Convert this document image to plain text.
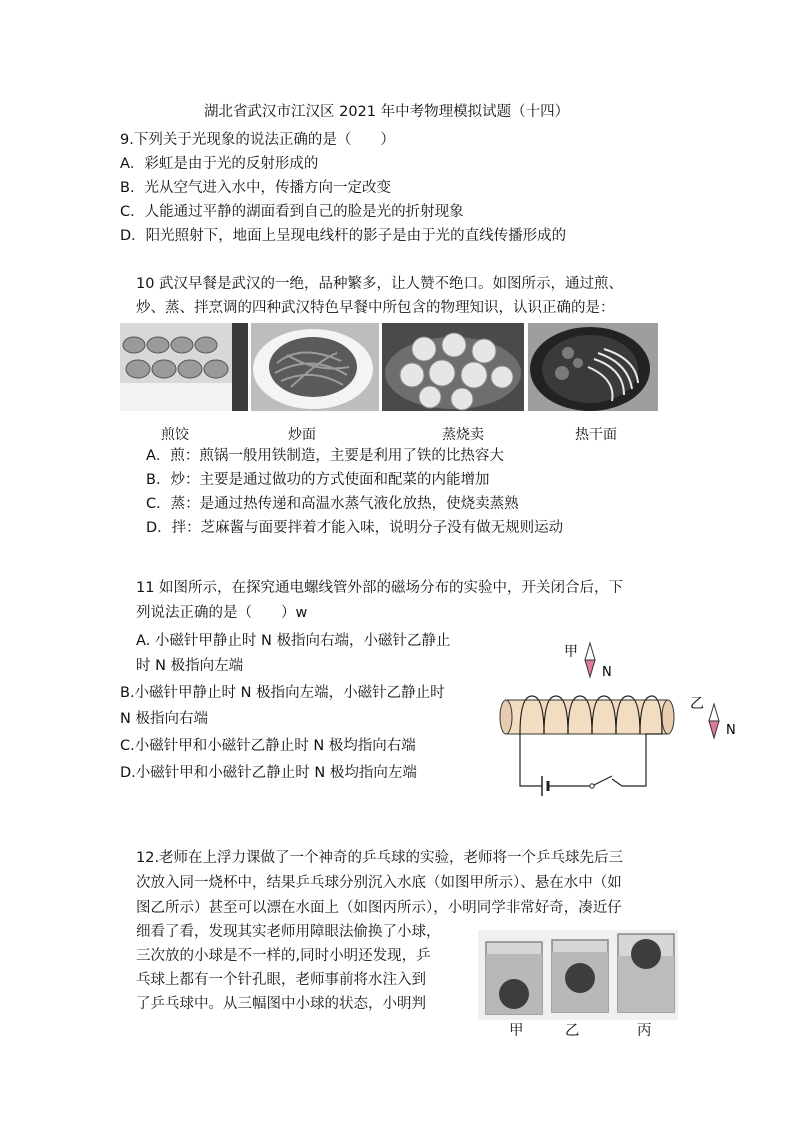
湖北省武汉市江汉区 2021 年中考物理模拟试题（十四）
9.下列关于光现象的说法正确的是（　　）
A．彩虹是由于光的反射形成的
B．光从空气进入水中，传播方向一定改变
C．人能通过平静的湖面看到自己的脸是光的折射现象
D．阳光照射下，地面上呈现电线杆的影子是由于光的直线传播形成的
10 武汉早餐是武汉的一绝，品种繁多，让人赞不绝口。如图所示，通过煎、
炒、蒸、拌烹调的四种武汉特色早餐中所包含的物理知识，认识正确的是：
煎饺	炒面	蒸烧卖	热干面
A．煎：煎锅一般用铁制造，主要是利用了铁的比热容大
B．炒：主要是通过做功的方式使面和配菜的内能增加
C．蒸：是通过热传递和高温水蒸气液化放热，使烧卖蒸熟
D．拌：芝麻酱与面要拌着才能入味，说明分子没有做无规则运动
11 如图所示，在探究通电螺线管外部的磁场分布的实验中，开关闭合后，下
列说法正确的是（　　）w
A. 小磁针甲静止时 N 极指向右端，小磁针乙静止
时 N 极指向左端
B.小磁针甲静止时 N 极指向左端，小磁针乙静止时
N 极指向右端
C.小磁针甲和小磁针乙静止时 N 极均指向右端
D.小磁针甲和小磁针乙静止时 N 极均指向左端
甲
N
乙
N
12.老师在上浮力课做了一个神奇的乒乓球的实验，老师将一个乒乓球先后三
次放入同一烧杯中，结果乒乓球分别沉入水底（如图甲所示）、悬在水中（如
图乙所示）甚至可以漂在水面上（如图丙所示），小明同学非常好奇，凑近仔
细看了看，发现其实老师用障眼法偷换了小球，
三次放的小球是不一样的,同时小明还发现，乒
乓球上都有一个针孔眼，老师事前将水注入到
了乒乓球中。从三幅图中小球的状态，小明判
甲	乙	丙
